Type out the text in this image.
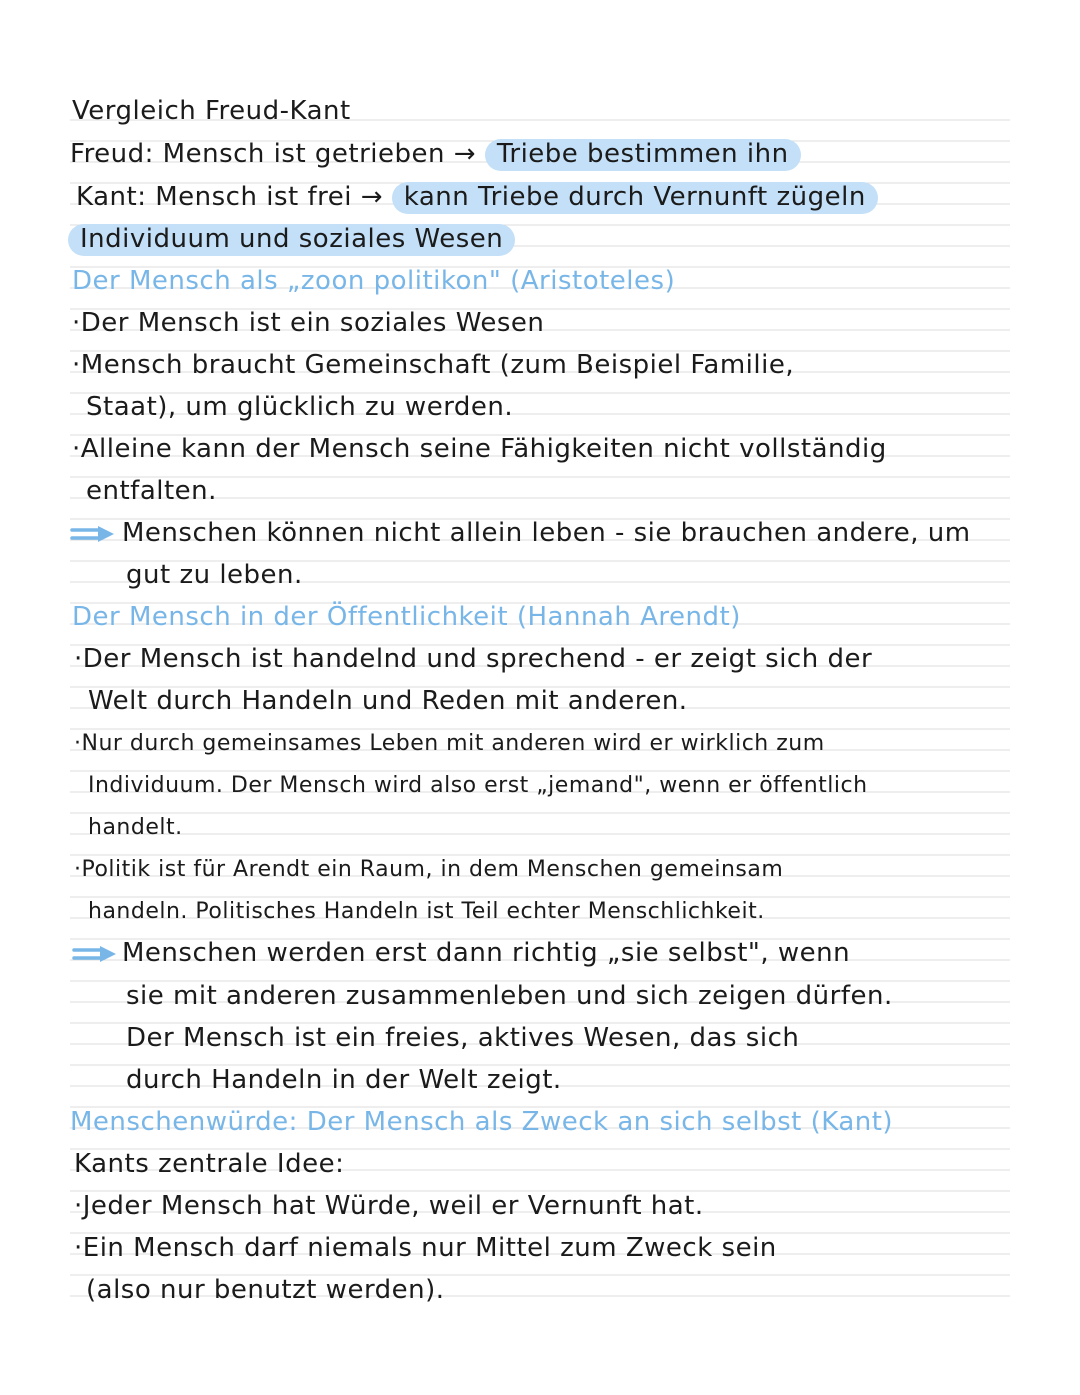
Vergleich Freud-Kant
Freud: Mensch ist getrieben → Triebe bestimmen ihn
Kant: Mensch ist frei → kann Triebe durch Vernunft zügeln
Individuum und soziales Wesen
Der Mensch als „zoon politikon" (Aristoteles)
·Der Mensch ist ein soziales Wesen
·Mensch braucht Gemeinschaft (zum Beispiel Familie,
Staat), um glücklich zu werden.
·Alleine kann der Mensch seine Fähigkeiten nicht vollständig
entfalten.
Menschen können nicht allein leben - sie brauchen andere, um
gut zu leben.
Der Mensch in der Öffentlichkeit (Hannah Arendt)
·Der Mensch ist handelnd und sprechend - er zeigt sich der
Welt durch Handeln und Reden mit anderen.
·Nur durch gemeinsames Leben mit anderen wird er wirklich zum
Individuum. Der Mensch wird also erst „jemand", wenn er öffentlich
handelt.
·Politik ist für Arendt ein Raum, in dem Menschen gemeinsam
handeln. Politisches Handeln ist Teil echter Menschlichkeit.
Menschen werden erst dann richtig „sie selbst", wenn
sie mit anderen zusammenleben und sich zeigen dürfen.
Der Mensch ist ein freies, aktives Wesen, das sich
durch Handeln in der Welt zeigt.
Menschenwürde: Der Mensch als Zweck an sich selbst (Kant)
Kants zentrale Idee:
·Jeder Mensch hat Würde, weil er Vernunft hat.
·Ein Mensch darf niemals nur Mittel zum Zweck sein
(also nur benutzt werden).
